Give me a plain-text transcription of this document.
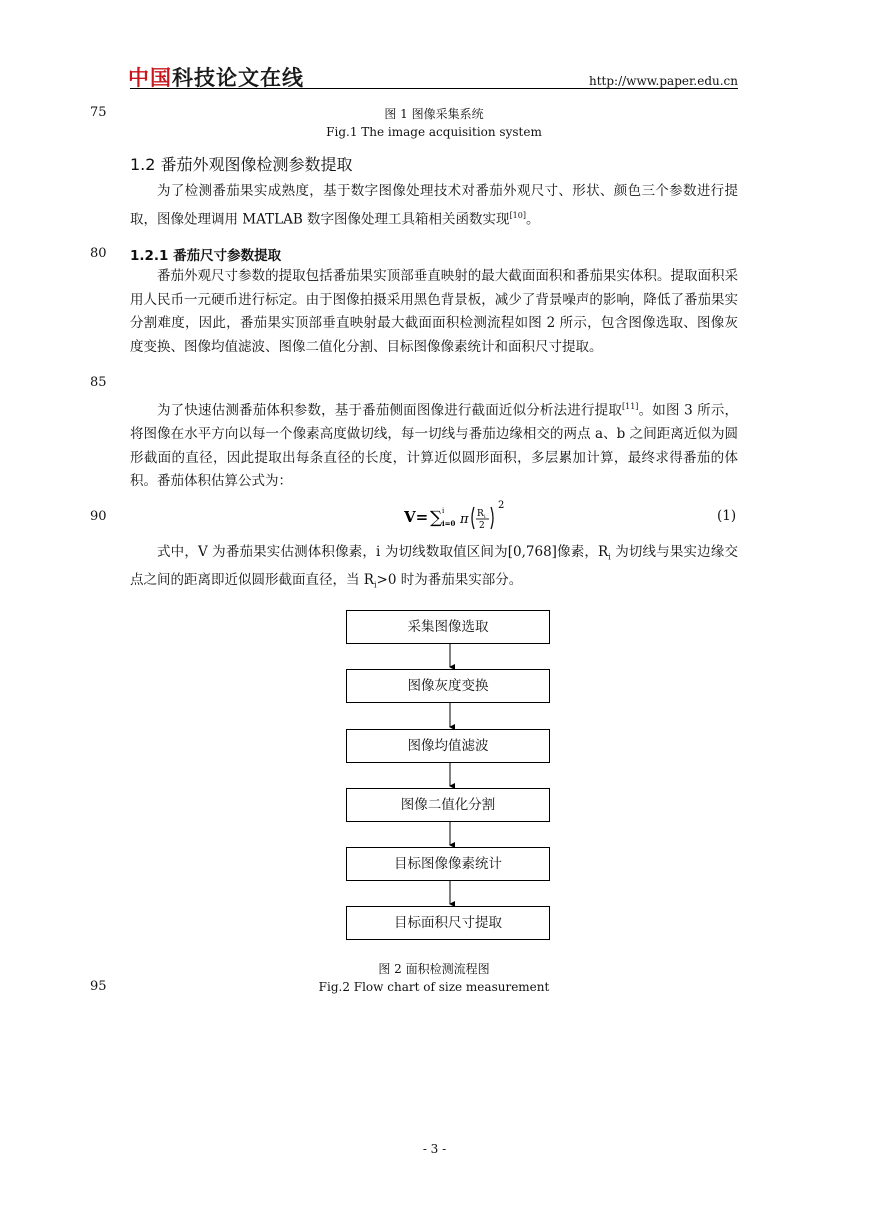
中国科技论文在线	http://www.paper.edu.cn
75
80
85
90
95
图 1 图像采集系统
Fig.1 The image acquisition system
1.2 番茄外观图像检测参数提取

为了检测番茄果实成熟度，基于数字图像处理技术对番茄外观尺寸、形状、颜色三个参数进行提取，图像处理调用 MATLAB 数字图像处理工具箱相关函数实现[10]。

1.2.1 番茄尺寸参数提取

番茄外观尺寸参数的提取包括番茄果实顶部垂直映射的最大截面面积和番茄果实体积。提取面积采用人民币一元硬币进行标定。由于图像拍摄采用黑色背景板，减少了背景噪声的影响，降低了番茄果实分割难度，因此，番茄果实顶部垂直映射最大截面面积检测流程如图 2 所示，包含图像选取、图像灰度变换、图像均值滤波、图像二值化分割、目标图像像素统计和面积尺寸提取。

为了快速估测番茄体积参数，基于番茄侧面图像进行截面近似分析法进行提取[11]。如图 3 所示，将图像在水平方向以每一个像素高度做切线，每一切线与番茄边缘相交的两点 a、b 之间距离近似为圆形截面的直径，因此提取出每条直径的长度，计算近似圆形面积，多层累加计算，最终求得番茄的体积。番茄体积估算公式为：

V= ∑ i
i=0 π R i
2
2
(1)

式中，V 为番茄果实估测体积像素，i 为切线数取值区间为[0,768]像素，$R_i$ 为切线与果实边缘交点之间的距离即近似圆形截面直径，当 $R_i>0$ 时为番茄果实部分。

采集图像选取
图像灰度变换
图像均值滤波
图像二值化分割
目标图像像素统计
目标面积尺寸提取
图 2 面积检测流程图
Fig.2 Flow chart of size measurement
- 3 -
